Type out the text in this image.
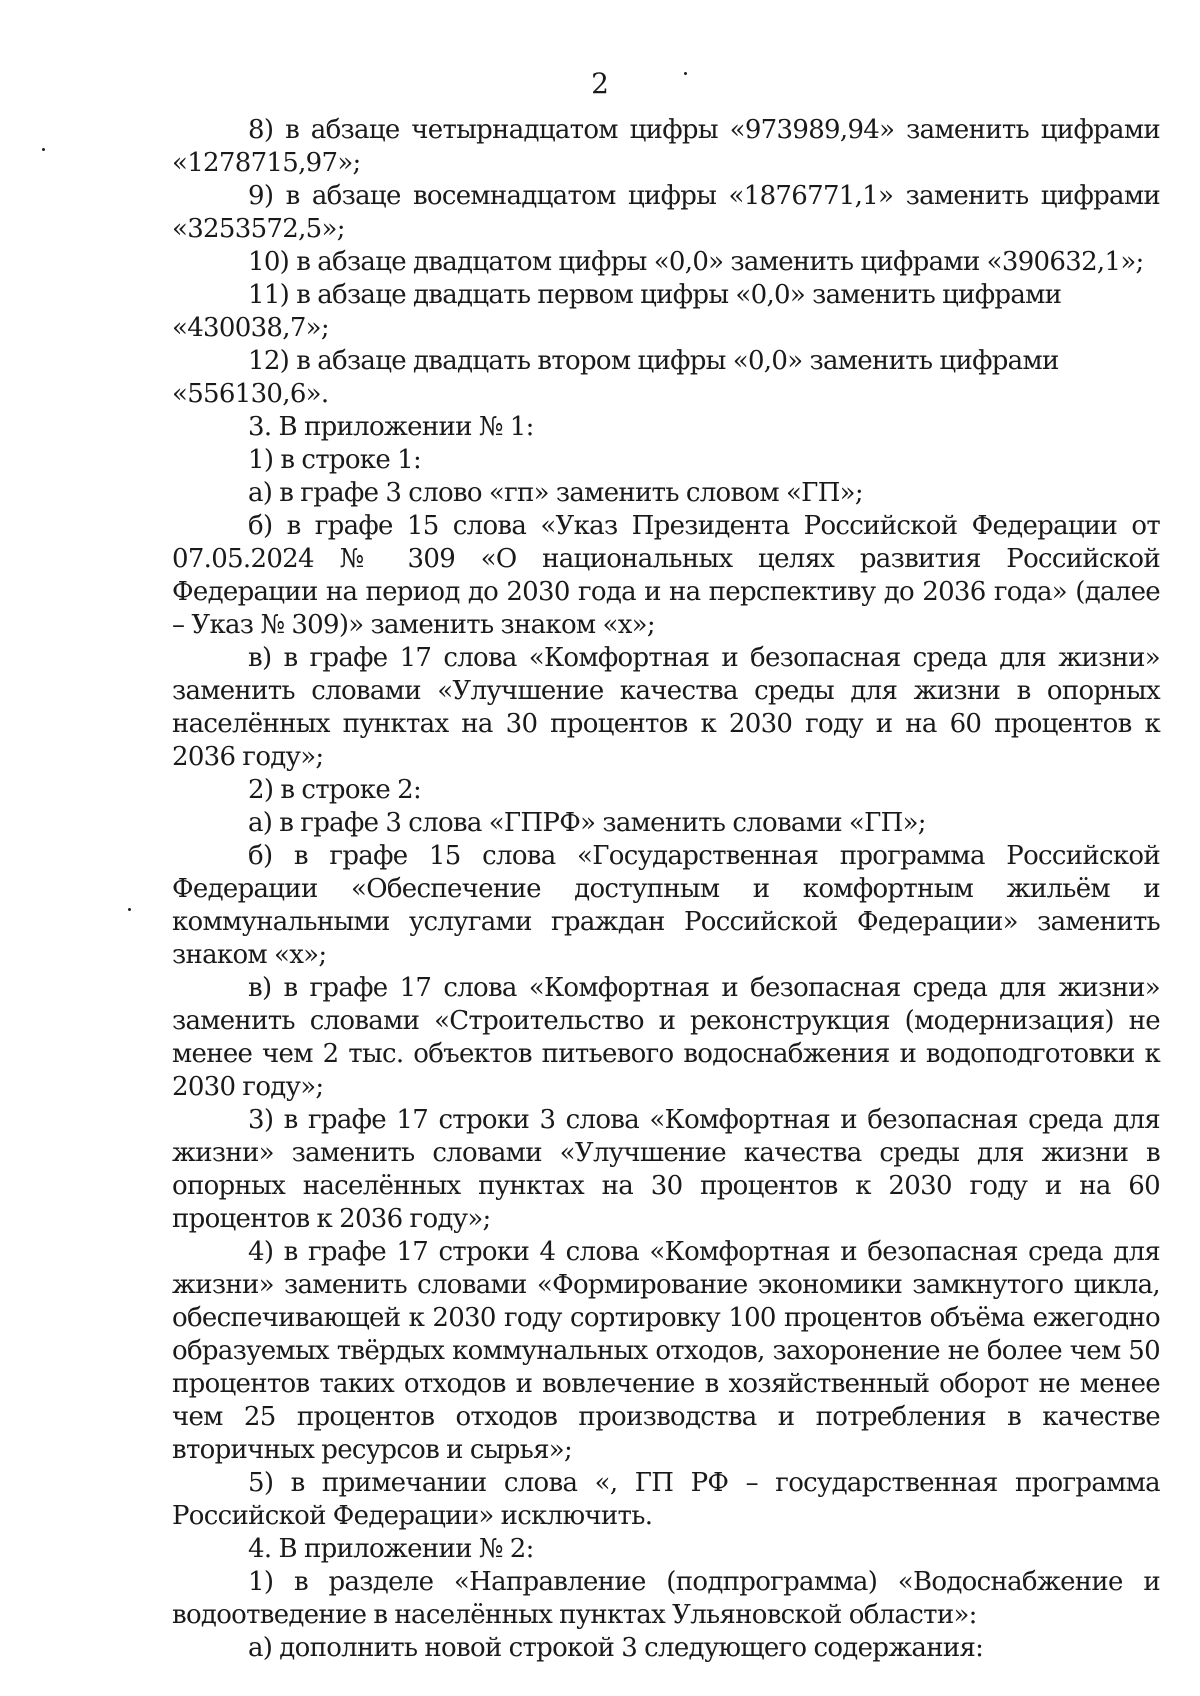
2

8) в абзаце четырнадцатом цифры «973989,94» заменить цифрами «1278715,97»;

9) в абзаце восемнадцатом цифры «1876771,1» заменить цифрами «3253572,5»;

10) в абзаце двадцатом цифры «0,0» заменить цифрами «390632,1»;

11) в абзаце двадцать первом цифры «0,0» заменить цифрами «430038,7»;

12) в абзаце двадцать втором цифры «0,0» заменить цифрами «556130,6».

3. В приложении № 1:

1) в строке 1:

а) в графе 3 слово «гп» заменить словом «ГП»;

б) в графе 15 слова «Указ Президента Российской Федерации от 07.05.2024 № 309 «О национальных целях развития Российской Федерации на период до 2030 года и на перспективу до 2036 года» (далее – Указ № 309)» заменить знаком «х»;

в) в графе 17 слова «Комфортная и безопасная среда для жизни» заменить словами «Улучшение качества среды для жизни в опорных населённых пунктах на 30 процентов к 2030 году и на 60 процентов к 2036 году»;

2) в строке 2:

а) в графе 3 слова «ГПРФ» заменить словами «ГП»;

б) в графе 15 слова «Государственная программа Российской Федерации «Обеспечение доступным и комфортным жильём и коммунальными услугами граждан Российской Федерации» заменить знаком «х»;

в) в графе 17 слова «Комфортная и безопасная среда для жизни» заменить словами «Строительство и реконструкция (модернизация) не менее чем 2 тыс. объектов питьевого водоснабжения и водоподготовки к 2030 году»;

3) в графе 17 строки 3 слова «Комфортная и безопасная среда для жизни» заменить словами «Улучшение качества среды для жизни в опорных населённых пунктах на 30 процентов к 2030 году и на 60 процентов к 2036 году»;

4) в графе 17 строки 4 слова «Комфортная и безопасная среда для жизни» заменить словами «Формирование экономики замкнутого цикла, обеспечивающей к 2030 году сортировку 100 процентов объёма ежегодно образуемых твёрдых коммунальных отходов, захоронение не более чем 50 процентов таких отходов и вовлечение в хозяйственный оборот не менее чем 25 процентов отходов производства и потребления в качестве вторичных ресурсов и сырья»;

5) в примечании слова «, ГП РФ – государственная программа Российской Федерации» исключить.

4. В приложении № 2:

1) в разделе «Направление (подпрограмма) «Водоснабжение и водоотведение в населённых пунктах Ульяновской области»:

а) дополнить новой строкой 3 следующего содержания:
